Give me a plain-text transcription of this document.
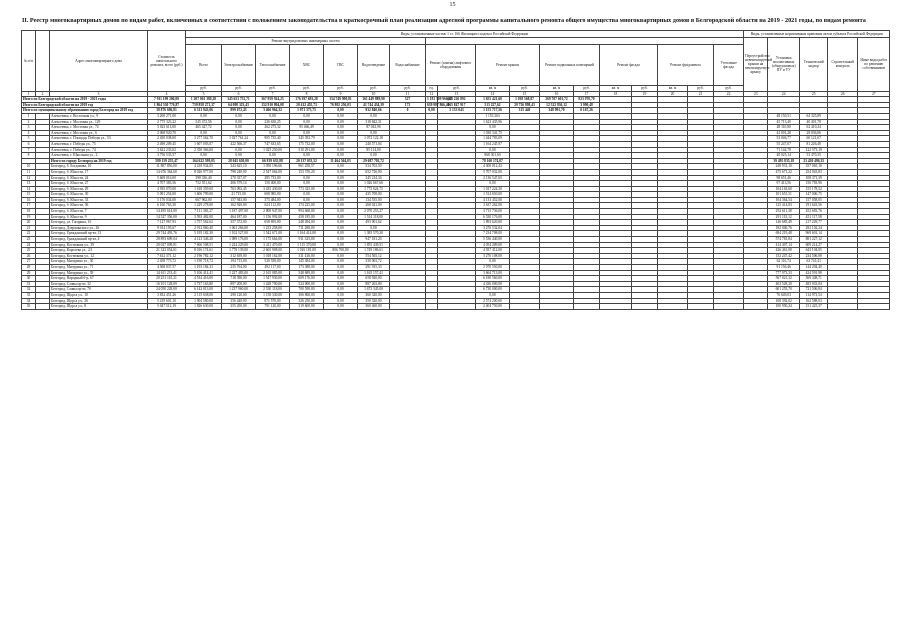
15
II. Реестр многоквартирных домов по видам работ, включенных в соответствии с положением законодательства в краткосрочный план реализации адресной программы капитального ремонта общего имущества многоквартирных домов в Белгородской области на 2019 - 2021 годы, по видам ремонта
№ п/п		Адрес многоквартирного дома	Стоимость капитального ремонта, всего (руб.)	Виды, установленные частью 1 ст. 166 Жилищного кодекса Российской Федерации																		Виды, установленные нормативным правовым актом субъекта Российской Федерации				
				Ремонт внутридомовых инженерных систем																		Переустройство невентилируемой крыши на вентилируемую крышу	Установка коллективных (общедомовых) ПУ и УУ	Технический надзор	Строительный контроль	Иные виды работ по решению собственников
				Всего	Электроснабжение	Теплоснабжение	ХВС	ГВС	Водоотведение	Водоснабжение	Ремонт (замена) лифтового оборудования		Ремонт крыши		Ремонт подвальных помещений		Ремонт фасада		Ремонт фундамента		Утепление фасада					
				руб.	руб.	руб.	руб.	руб.	руб.	руб.	ед.	руб.	кв. м	руб.	кв. м	руб.	кв. м	руб.	кв. м	руб.	руб.					
1	2	3	4	5	6	7	8	9	10	11	12	13	14	15	16	17	18	19	20	21	22	23	24	25	26	27
Итого по Белгородской области на 2019 - 2021 годы			7 911 199 206,00	1 207 061 380,28	345 653 752,71	367 959 924,25	176 397 693,28	154 749 990,81	161 449 889,90	327	1 181 309 966,40	603 226 892	1 655 421,60	1 038 568,87	269 707 601,72	923 970,70										
Итого по Белгородской области на 2019 год			1 864 530 776,87	759 858 271,37	64 098 323,43	152 910 804,08	20 412 455,73	76 802 256,03	41 744 434,39	173	639 987 866,40	165 847 917	513 227,62	20 756 898,43	12 522 836,12	3 990,48										
Итого по муниципальному образованию город Белгород на 2019 год			38 876 686,81	6 313 943,06	899 672,43	3 466 964,32	1 071 373,75	0,00	932 840,66	0	0,00	5 133 043	1 155 717,56	315 440	348 991,70	0 167,26										
1		Алексеевка, г. Восточная ул., 9	3 260 271,00	0,00	0,00	0,00	0,00	0,00	0,00				1 153 263										48 150,51	64 325,89		
2		Алексеевка, г. Мостовая ул., 129	2 775 323,22	545 472,56	0,00	226 630,25	0,00	0,00	318 842,31				1 623 435,96										45 713,40	40 401,78		
3		Алексеевка, г. Мостовая ул., 74	3 023 611,00	465 427,72	0,00	262 273,32	85 466,49	0,00	87 043,90				0,00										48 110,80	62 410,24		
4		Алексеевка, г. Мостовая ул., 6	2 068 920,70	0,00	0,00	0,00	0,00	0,00	0,00				1 030 341,75										42 001,28	28 036,06		
5		Алексеевка, г. Площадь Победы ул., 53	2 450 038,00	3 277 562,70	1 027 761,24	905 735,40	345 392,79	0,00	1 072 122,18				1 444 783,09										53 046,77	60 121,67		
6		Алексеевка, г. Победы ул., 75	2 490 209,45	1 607 003,07	422 566,37	747 633,65	175 732,00	0,00	240 571,04				1 164 245,97										55 247,07	81 226,48		
7		Алексеевка, г. Победы ул., 74	3 622 233,02	2 350 366,00	0,00	1 025 250,00	510 291,00	0,00	85 114,00				0,00										71 144,78	122 573,19		
8		Алексеевка, г. Школьная ул., 2	3 756 535,57	0,00	0,00	0,00	0,00	0,00	0,00				868 301,60										40 025,14	53 470,35		
		Итого по городу Белгород на 2019 год	580 159 255,47	164 622 599,05	28 045 650,00	66 819 635,88	20 137 033,52	11 464 564,03	29 687 702,72				78 160 174,07										39 495 835,18	23 430 486,35		
10		Белгород, б. Богданова, 10	11 807 856,00	4 418 934,05	343 625,10	1 058 196,66	961 258,57	0,00	534 702,50				4 300 012,43										248 931,10	357 065,10		
11		Белгород, б. Юности, 17	14 676 364,60	8 026 977,00	798 240,00	2 547 064,00	153 376,20	0,00	652 726,00				5 707 032,00										475 671,22	254 043,83		
12		Белгород, б. Юности, 24	5 669 016,00	398 336,40	270 337,07	285 733,00	0,00	0,00	245 214,34				2 136 547,65										98 651,46	108 371,39		
13		Белгород, б. Юности, 27	4 707 383,56	752 551,62	406 579,14	150 400,00	0,00	0,00	1 026 667,66				0,00										97 413,56	156 783,96		
14		Белгород, б. Юности, 29	4 935 070,00	1 618 359,00	763 092,45	3 435 430,00	773 325,00	0,00	1 775 624,75				1 017 224,50										104 163,60	155 178,52		
15		Белгород, б. Юности, 30	5 091 254,00	1 606 799,00	21 715,00	608 985,00	0,00	0,00	435 708,00				1 514 650,00										101 651,51	147 006,75		
16		Белгород, б. Юности, 33	5 176 034,00	667 962,00	157 943,00	375 484,00	0,00	0,00	134 535,00				4 133 452,00										104 364,54	157 058,05		
17		Белгород, б. Юности, 36	6 160 763,30	1 229 278,00	162 920,00	624 112,00	174 225,00	0,00	268 021,00				3 637 262,00										125 414,83	191 643,56		
18		Белгород, б. Юности, 7	14 495 614,00	7 111 365,27	1 187 497,00	2 808 947,00	994 668,00	0,00	2 070 253,27				3 715 736,00										292 611,38	452 683,76		
19		Белгород, б. Юности, 9	14 527 356,00	3 593 482,00	464 187,00	1 156 992,00	458 185,00	0,00	1 514 118,00				6 530 176,00										291 115,12	451 117,58		
20		Белгород, ул. Гагарина, 1б	7 127 967,93	1 757 562,62	357 372,00	658 695,00	248 494,00	0,00	493 001,62				1 893 620,00										146 685,49	217 229,77		
21		Белгород, Дзержинского ул., 16	9 014 193,67	2 912 060,40	1 061 266,00	1 233 258,00	711 288,00	0,00	0,00				3 276 532,04										182 040,76	292 102,24		
22		Белгород, Гражданский пр-кт, 13	29 744 493,76	5 195 182,30	1 102 527,00	1 542 671,00	1 164 414,00	0,00	1 385 570,30				7 234 708,00										694 219,48	969 601,14		
23		Белгород, Гражданский пр-кт, 4	28 893 609,04	4 123 346,20	1 089 176,00	1 175 664,00	911 325,00	0,00	947 181,20				5 536 440,00										574 781,84	881 227,12		
24		Белгород, Костюкова ул., 39	20 027 009,81	7 606 508,51	1 224 229,00	3 411 470,00	1 115 370,00	0,00	1 855 439,51				4 054 289,00										414 407,14	609 214,27		
25		Белгород, Королева ул., 2/1	21 323 054,61	8 016 174,61	1 778 139,00	2 665 908,00	1 016 181,00	806 760,00	1 749 186,61				4 937 412,00										426 461,08	643 104,05		
26		Белгород, Костюкова ул., 12	7 612 371,12	2 196 782,12	312 639,00	1 018 162,00	311 416,00	0,00	554 565,12				3 276 108,00										152 247,42	234 506,08		
27		Белгород, Мичурина ул., 30	2 458 773,72	1 190 718,72	194 713,00	520 558,00	145 384,00	0,00	330 063,72				0,00										62 116,74	63 741,41		
28		Белгород, Мичурина ул., 71	4 568 837,57	1 193 184,33	235 764,00	492 117,00	173 388,00	0,00	291 915,33				2 070 550,00										91 156,46	144 294,40		
29		Белгород, Мичурина ул., 39	14 611 233,41	5 106 414,41	1 227 483,00	2 165 085,00	548 689,00	0,00	1 165 157,41				3 664 713,00										777 973,33	424 591,98		
30		Белгород, Народный б-р, 67	20 251 161,21	4 534 416,00	718 390,00	1 547 930,00	609 176,00	0,00	658 920,00				6 180 560,00										567 021,32	569 348,71		
31		Белгород, Славы пр-кт, 32	16 101 128,09	3 737 163,80	897 200,00	1 428 700,00	524 000,00	0,00	887 263,80				4 436 000,00										402 528,20	483 033,84		
32		Белгород, Славы пр-кт, 70	24 050 228,00	6 142 013,00	1 237 960,00	2 530 118,00	700 590,00	0,00	1 673 345,00				6 730 000,00										601 255,70	721 506,84		
33		Белгород, Щорса ул., 10	3 832 451,26	2 115 638,00	290 120,00	1 158 330,00	306 868,00	0,00	360 320,00				0,00										76 649,03	114 973,54		
34		Белгород, Щорса ул., 26	5 419 601,10	1 904 580,00	356 440,00	871 570,00	326 250,00	0,00	350 320,00				2 574 200,00										108 392,02	162 588,03		
35		Белгород, Щорса ул., 8	5 047 512,19	1 826 630,00	355 450,00	791 120,00	319 600,00	0,00	360 460,00				2 404 750,00										100 950,24	151 425,37		
